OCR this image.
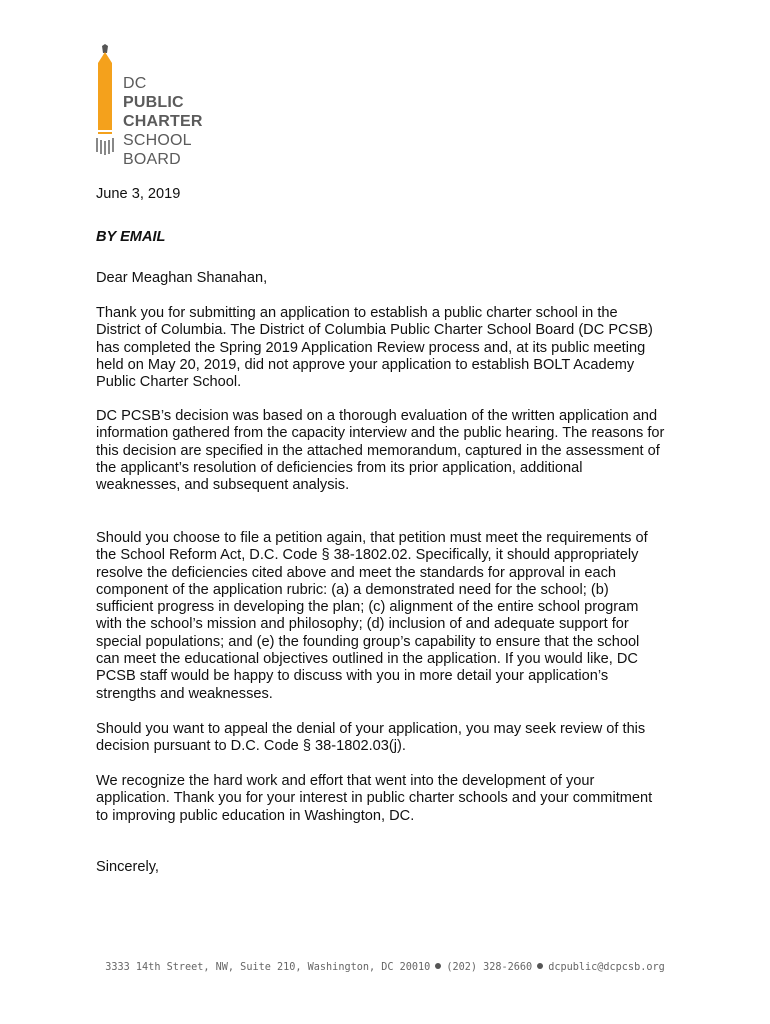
DC
PUBLIC
CHARTER
SCHOOL
BOARD
June 3, 2019
BY EMAIL
Dear Meaghan Shanahan,

Thank you for submitting an application to establish a public charter school in the District of Columbia. The District of Columbia Public Charter School Board (DC PCSB) has completed the Spring 2019 Application Review process and, at its public meeting held on May 20, 2019, did not approve your application to establish BOLT Academy Public Charter School.

DC PCSB’s decision was based on a thorough evaluation of the written application and information gathered from the capacity interview and the public hearing. The reasons for this decision are specified in the attached memorandum, captured in the assessment of the applicant’s resolution of deficiencies from its prior application, additional weaknesses, and subsequent analysis.

Should you choose to file a petition again, that petition must meet the requirements of the School Reform Act, D.C. Code § 38-1802.02. Specifically, it should appropriately resolve the deficiencies cited above and meet the standards for approval in each component of the application rubric: (a) a demonstrated need for the school; (b) sufficient progress in developing the plan; (c) alignment of the entire school program with the school’s mission and philosophy; (d) inclusion of and adequate support for special populations; and (e) the founding group’s capability to ensure that the school can meet the educational objectives outlined in the application. If you would like, DC PCSB staff would be happy to discuss with you in more detail your application’s strengths and weaknesses.

Should you want to appeal the denial of your application, you may seek review of this decision pursuant to D.C. Code § 38-1802.03(j).

We recognize the hard work and effort that went into the development of your application. Thank you for your interest in public charter schools and your commitment to improving public education in Washington, DC.

Sincerely,
3333 14th Street, NW, Suite 210, Washington, DC 20010 (202) 328-2660 dcpublic@dcpcsb.org
